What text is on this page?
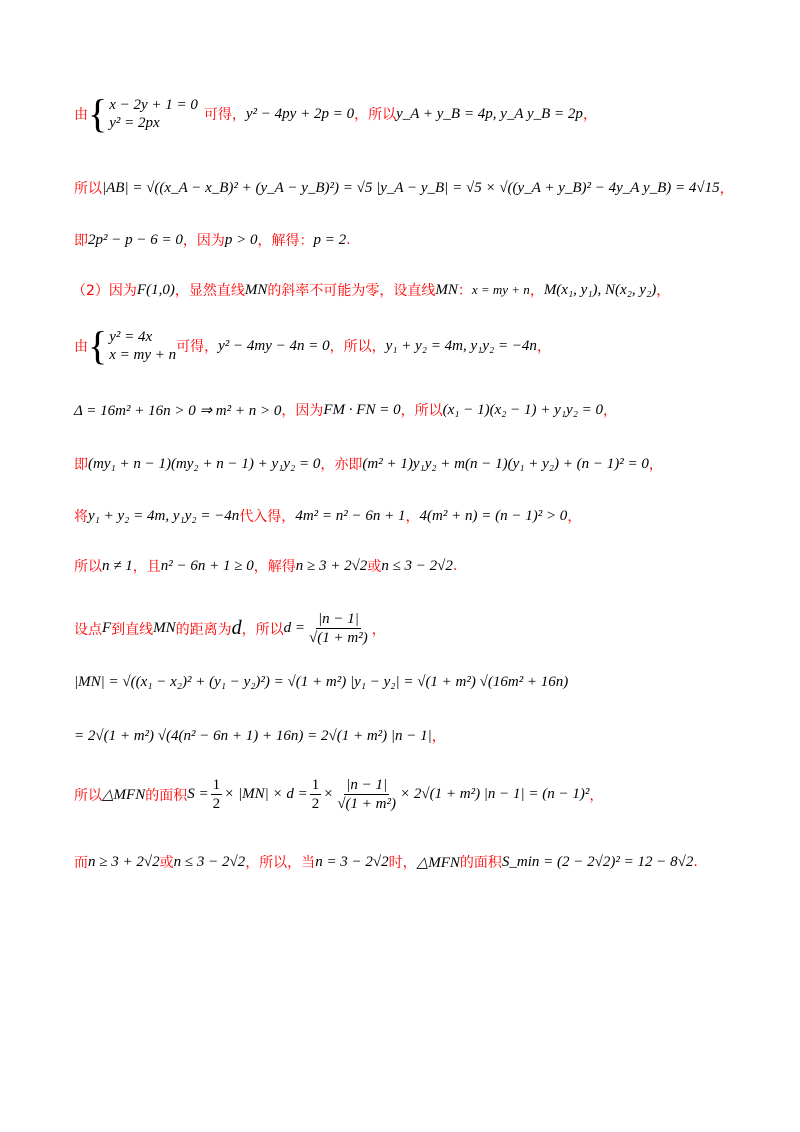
由 { x − 2y + 1 = 0
y² = 2px	可得， y² − 4py + 2p = 0 ，所以 y_A + y_B = 4p, y_A y_B = 2p ，
所以 |AB| = √((x_A − x_B)² + (y_A − y_B)²) = √5 |y_A − y_B| = √5 × √((y_A + y_B)² − 4y_A y_B) = 4√15 ，
即 2p² − p − 6 = 0 ，因为 p > 0 ，解得： p = 2 .
（2）因为 F(1,0) ，显然直线 MN 的斜率不可能为零，设直线 MN ： x = my + n ， M(x₁, y₁), N(x₂, y₂) ，
由 { y² = 4x
x = my + n 可得， y² − 4my − 4n = 0 ，所以， y₁ + y₂ = 4m, y₁y₂ = −4n ，
Δ = 16m² + 16n > 0 ⇒ m² + n > 0 ，因为 FM · FN = 0 ，所以 (x₁ − 1)(x₂ − 1) + y₁y₂ = 0 ，
即 (my₁ + n − 1)(my₂ + n − 1) + y₁y₂ = 0 ，亦即 (m² + 1)y₁y₂ + m(n − 1)(y₁ + y₂) + (n − 1)² = 0 ，
将 y₁ + y₂ = 4m, y₁y₂ = −4n 代入得， 4m² = n² − 6n + 1 ， 4(m² + n) = (n − 1)² > 0 ，
所以 n ≠ 1 ，且 n² − 6n + 1 ≥ 0 ，解得 n ≥ 3 + 2√2 或 n ≤ 3 − 2√2 .
设点 F 到直线 MN 的距离为 d ，所以 $d = \frac{|n - 1|}{\text{√(1 + m²)}}$ ，
|MN| = √((x₁ − x₂)² + (y₁ − y₂)²) = √(1 + m²) |y₁ − y₂| = √(1 + m²) √(16m² + 16n)
= 2√(1 + m²) √(4(n² − 6n + 1) + 16n) = 2√(1 + m²) |n − 1| ，
所以 △MFN 的面积 $S = \frac{1}{2} \times |MN| \times d = \frac{1}{2} \times \frac{|n - 1|}{\text{√(1 + m²)}} \times 2√(1 + m^2) |n - 1| = (n - 1)^2$ ，
而 n ≥ 3 + 2√2 或 n ≤ 3 − 2√2 ，所以，当 n = 3 − 2√2 时， △MFN 的面积 S_min = (2 − 2√2)² = 12 − 8√2 .
